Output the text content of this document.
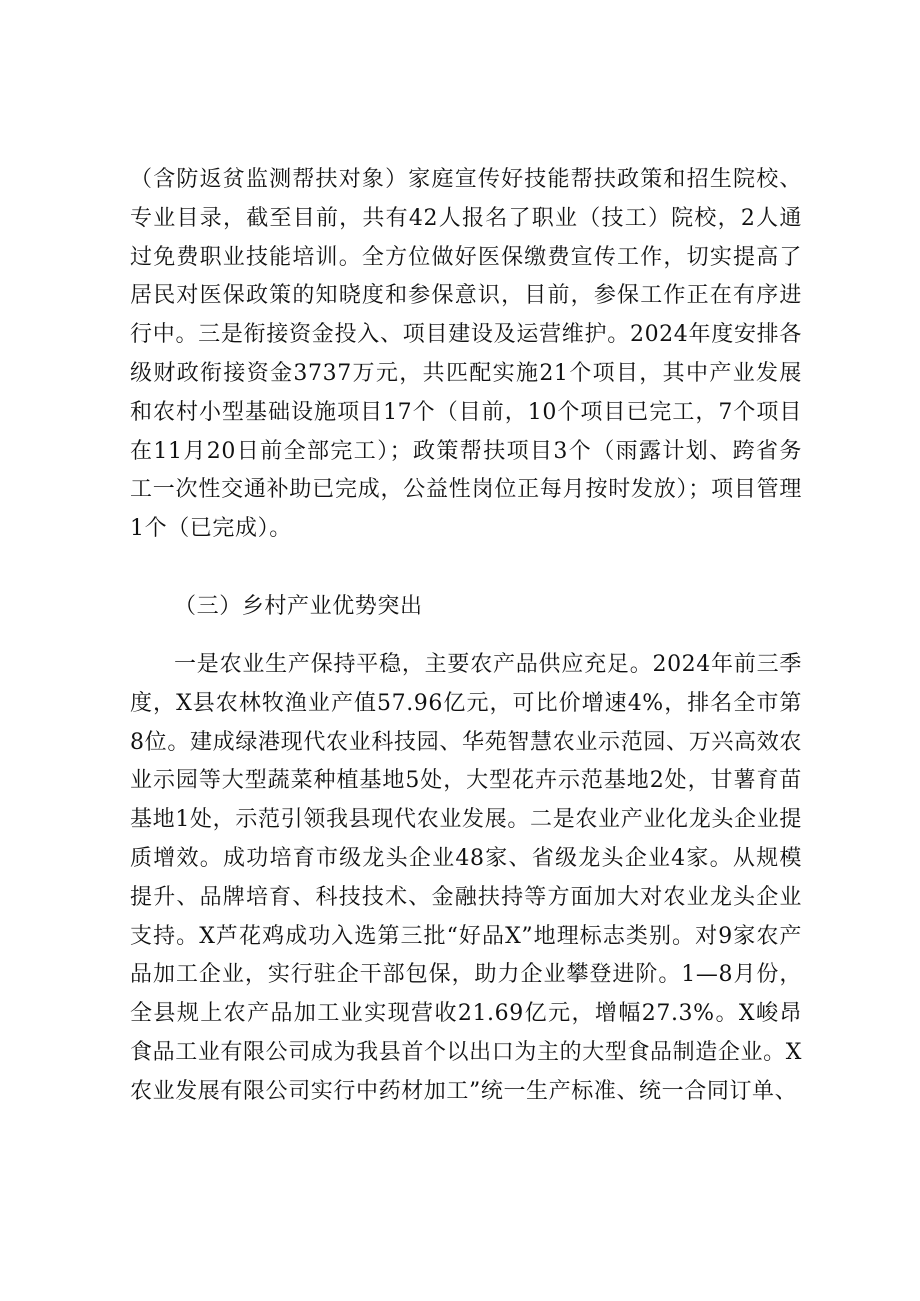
（含防返贫监测帮扶对象）家庭宣传好技能帮扶政策和招生院校、专业目录，截至目前，共有42人报名了职业（技工）院校，2人通过免费职业技能培训。全方位做好医保缴费宣传工作，切实提高了居民对医保政策的知晓度和参保意识，目前，参保工作正在有序进行中。三是衔接资金投入、项目建设及运营维护。2024年度安排各级财政衔接资金3737万元，共匹配实施21个项目，其中产业发展和农村小型基础设施项目17个（目前，10个项目已完工，7个项目在11月20日前全部完工）；政策帮扶项目3个（雨露计划、跨省务工一次性交通补助已完成，公益性岗位正每月按时发放）；项目管理1个（已完成）。

（三）乡村产业优势突出

一是农业生产保持平稳，主要农产品供应充足。2024年前三季度，X县农林牧渔业产值57.96亿元，可比价增速4%，排名全市第8位。建成绿港现代农业科技园、华苑智慧农业示范园、万兴高效农业示园等大型蔬菜种植基地5处，大型花卉示范基地2处，甘薯育苗基地1处，示范引领我县现代农业发展。二是农业产业化龙头企业提质增效。成功培育市级龙头企业48家、省级龙头企业4家。从规模提升、品牌培育、科技技术、金融扶持等方面加大对农业龙头企业支持。X芦花鸡成功入选第三批“好品X”地理标志类别。对9家农产品加工企业，实行驻企干部包保，助力企业攀登进阶。1—8月份，全县规上农产品加工业实现营收21.69亿元，增幅27.3%。X峻昂食品工业有限公司成为我县首个以出口为主的大型食品制造企业。X农业发展有限公司实行中药材加工”统一生产标准、统一合同订单、
